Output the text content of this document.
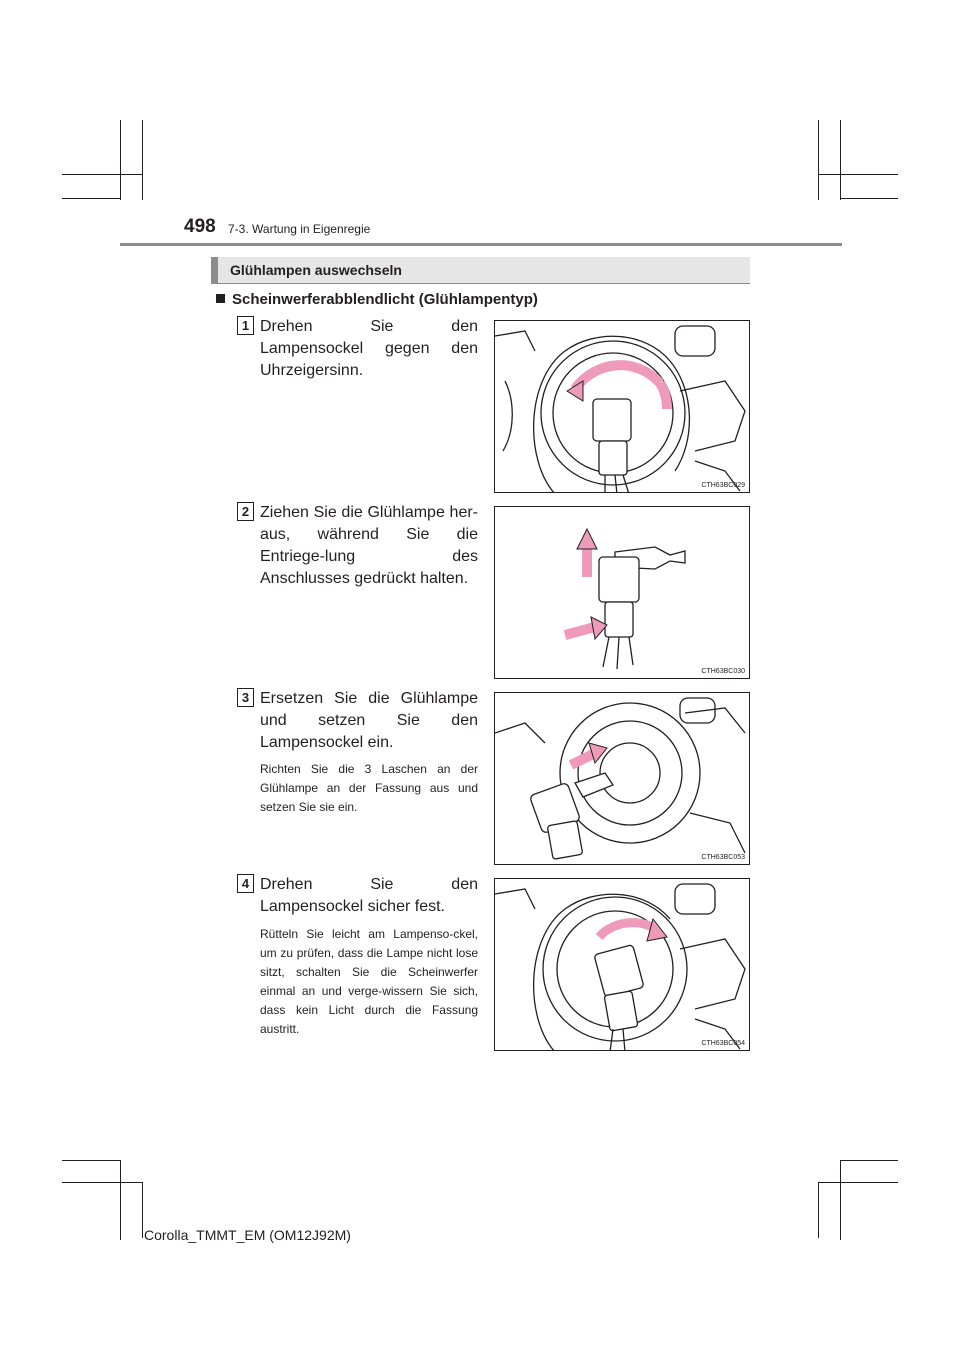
498 7-3. Wartung in Eigenregie
Glühlampen auswechseln
Scheinwerferabblendlicht (Glühlampentyp)
1 Drehen Sie den Lampensockel gegen den Uhrzeigersinn.
CTH63BC029
2 Ziehen Sie die Glühlampe her-aus, während Sie die Entriege-lung des Anschlusses gedrückt halten.
CTH63BC030
3 Ersetzen Sie die Glühlampe und setzen Sie den Lampensockel ein.
Richten Sie die 3 Laschen an der Glühlampe an der Fassung aus und setzen Sie sie ein.
CTH63BC053
4 Drehen Sie den Lampensockel sicher fest.
Rütteln Sie leicht am Lampenso-ckel, um zu prüfen, dass die Lampe nicht lose sitzt, schalten Sie die Scheinwerfer einmal an und verge-wissern Sie sich, dass kein Licht durch die Fassung austritt.
CTH63BC054
Corolla_TMMT_EM (OM12J92M)
